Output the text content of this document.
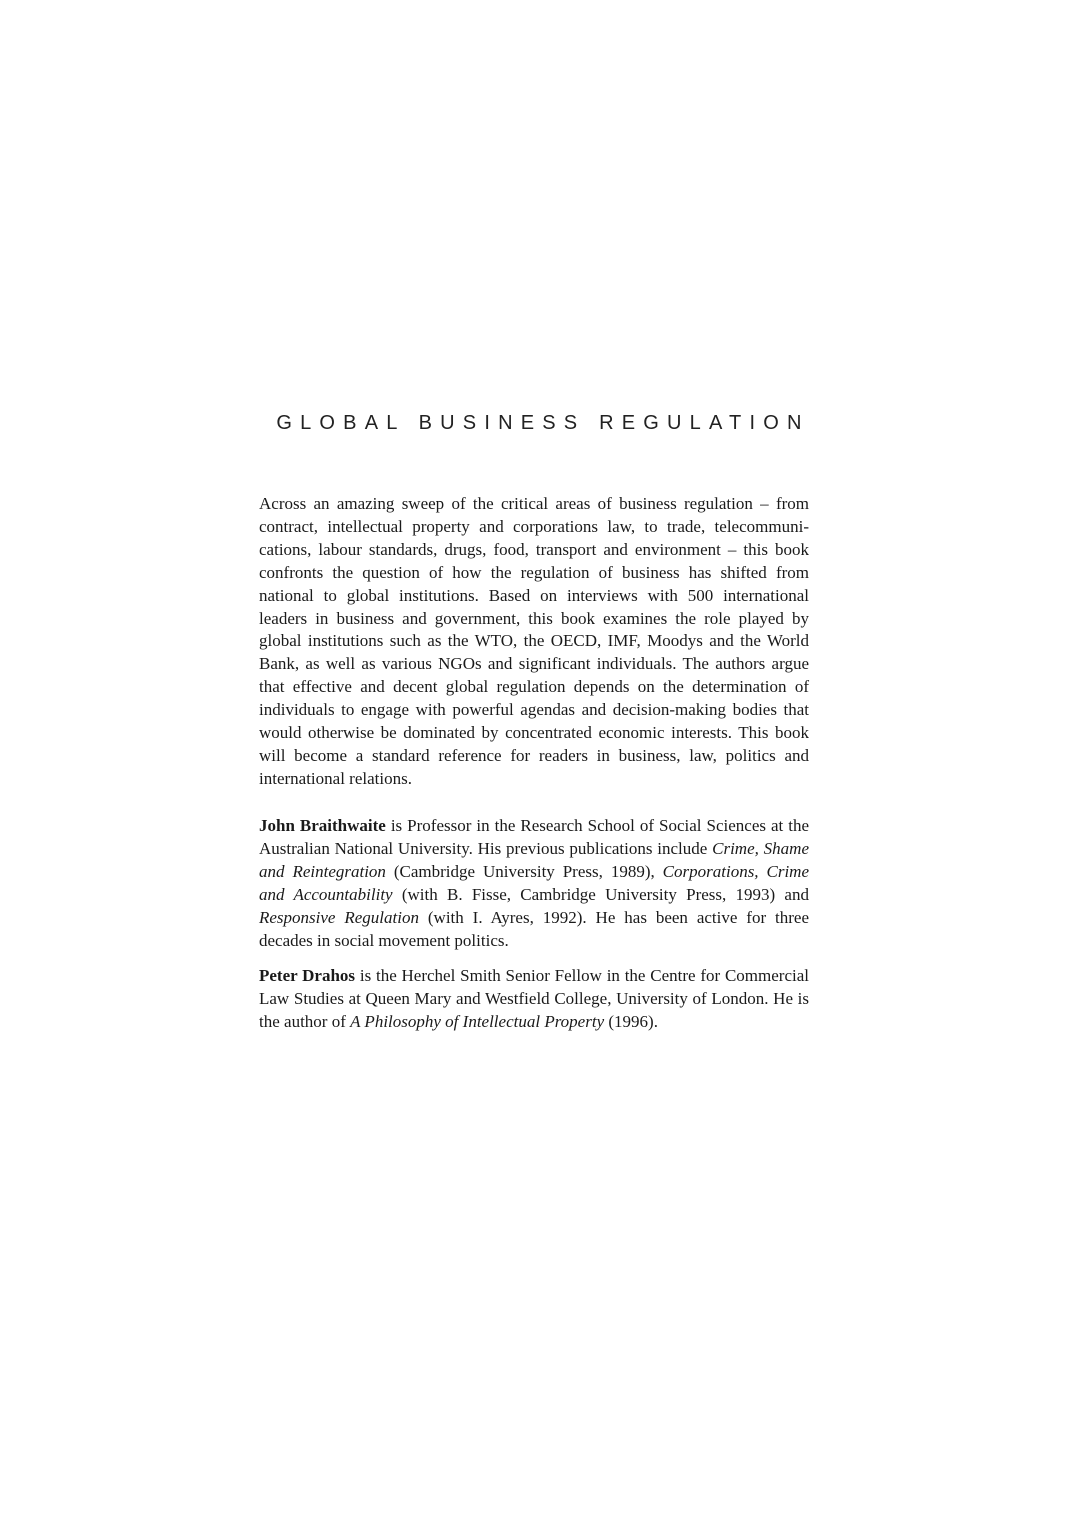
GLOBAL BUSINESS REGULATION

Across an amazing sweep of the critical areas of business regulation – from contract, intellectual property and corporations law, to trade, telecommunications, labour standards, drugs, food, transport and environment – this book confronts the question of how the regulation of business has shifted from national to global institutions. Based on interviews with 500 international leaders in business and government, this book examines the role played by global institutions such as the WTO, the OECD, IMF, Moodys and the World Bank, as well as various NGOs and significant individuals. The authors argue that effective and decent global regulation depends on the determination of individuals to engage with powerful agendas and decision-making bodies that would otherwise be dominated by concentrated economic interests. This book will become a standard reference for readers in business, law, politics and international relations.

John Braithwaite is Professor in the Research School of Social Sciences at the Australian National University. His previous publications include Crime, Shame and Reintegration (Cambridge University Press, 1989), Corporations, Crime and Accountability (with B. Fisse, Cambridge University Press, 1993) and Responsive Regulation (with I. Ayres, 1992). He has been active for three decades in social movement politics.

Peter Drahos is the Herchel Smith Senior Fellow in the Centre for Commercial Law Studies at Queen Mary and Westfield College, University of London. He is the author of A Philosophy of Intellectual Property (1996).
